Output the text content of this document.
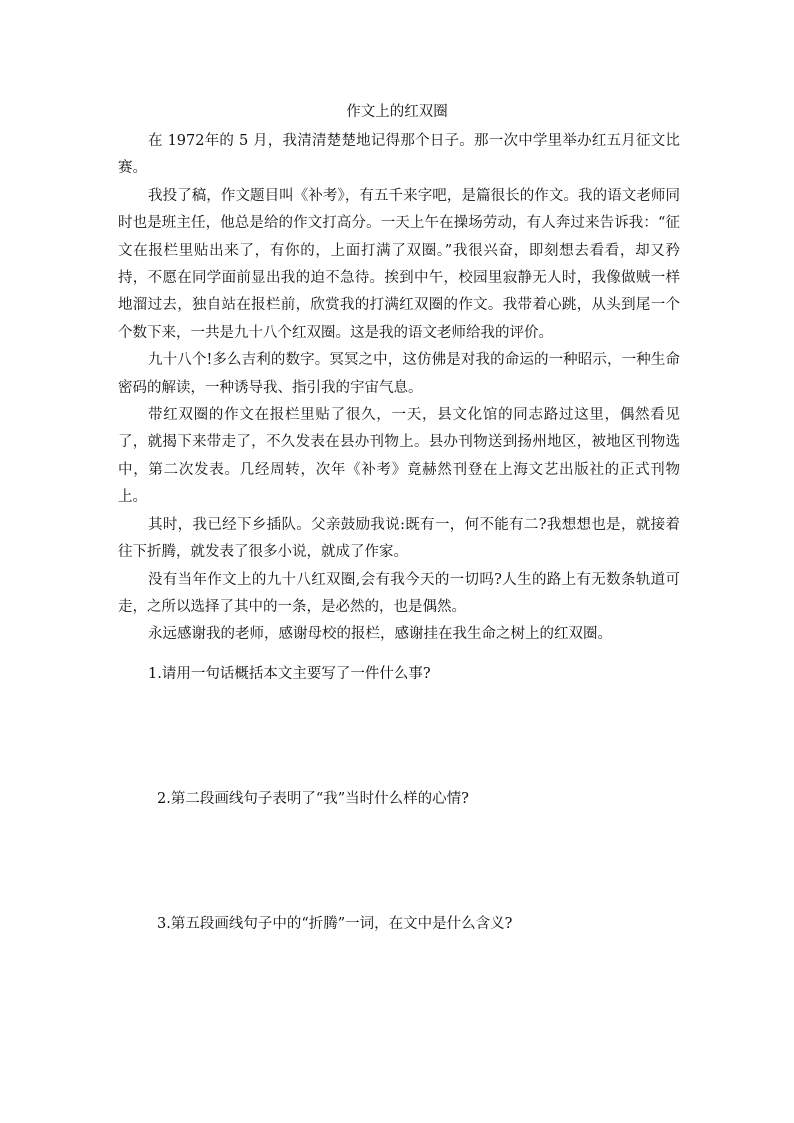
作文上的红双圈

在 1972年的 5 月，我清清楚楚地记得那个日子。那一次中学里举办红五月征文比赛。

我投了稿，作文题目叫《补考》，有五千来字吧，是篇很长的作文。我的语文老师同时也是班主任，他总是给的作文打高分。一天上午在操场劳动，有人奔过来告诉我：“征文在报栏里贴出来了，有你的，上面打满了双圈。”我很兴奋，即刻想去看看，却又矜持，不愿在同学面前显出我的迫不急待。挨到中午，校园里寂静无人时，我像做贼一样地溜过去，独自站在报栏前，欣赏我的打满红双圈的作文。我带着心跳，从头到尾一个个数下来，一共是九十八个红双圈。这是我的语文老师给我的评价。

九十八个!多么吉利的数字。冥冥之中，这仿佛是对我的命运的一种昭示，一种生命密码的解读，一种诱导我、指引我的宇宙气息。

带红双圈的作文在报栏里贴了很久，一天，县文化馆的同志路过这里，偶然看见了，就揭下来带走了，不久发表在县办刊物上。县办刊物送到扬州地区，被地区刊物选中，第二次发表。几经周转，次年《补考》竟赫然刊登在上海文艺出版社的正式刊物上。

其时，我已经下乡插队。父亲鼓励我说:既有一，何不能有二?我想想也是，就接着往下折腾，就发表了很多小说，就成了作家。

没有当年作文上的九十八红双圈,会有我今天的一切吗?人生的路上有无数条轨道可走，之所以选择了其中的一条，是必然的，也是偶然。

永远感谢我的老师，感谢母校的报栏，感谢挂在我生命之树上的红双圈。

1.请用一句话概括本文主要写了一件什么事?
2.第二段画线句子表明了“我”当时什么样的心情?
3.第五段画线句子中的“折腾”一词，在文中是什么含义?
